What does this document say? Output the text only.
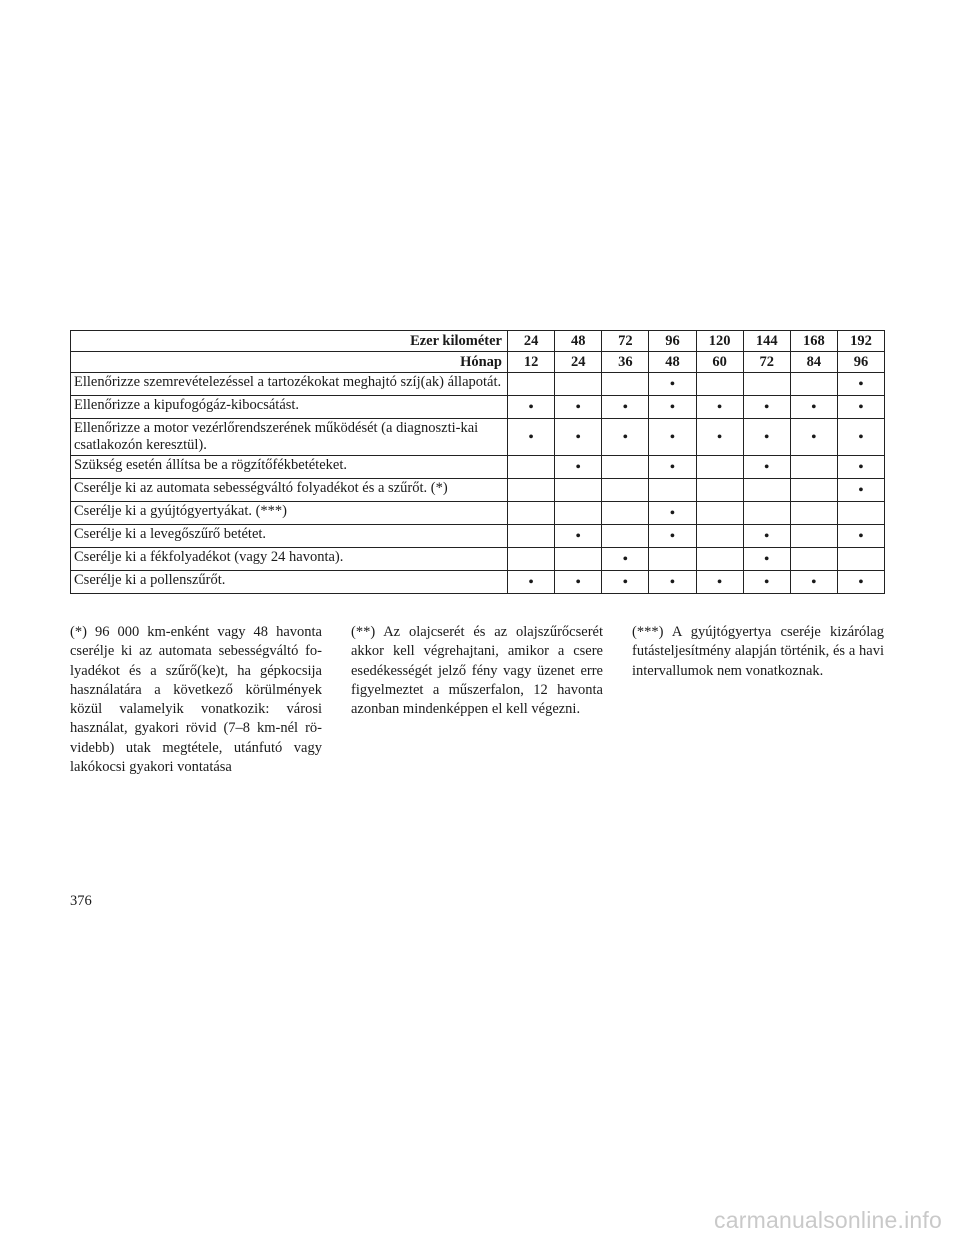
Ezer kilométer	24	48	72	96	120	144	168	192
Hónap	12	24	36	48	60	72	84	96
Ellenőrizze szemrevételezéssel a tartozékokat meghajtó szíj(ak) állapotát.				•				•
Ellenőrizze a kipufogógáz-kibocsátást.	•	•	•	•	•	•	•	•
Ellenőrizze a motor vezérlőrendszerének működését (a diagnoszti-kai csatlakozón keresztül).	•	•	•	•	•	•	•	•
Szükség esetén állítsa be a rögzítőfékbetéteket.		•		•		•		•
Cserélje ki az automata sebességváltó folyadékot és a szűrőt. (*)								•
Cserélje ki a gyújtógyertyákat. (***)				•				
Cserélje ki a levegőszűrő betétet.		•		•		•		•
Cserélje ki a fékfolyadékot (vagy 24 havonta).			•			•		
Cserélje ki a pollenszűrőt.	•	•	•	•	•	•	•	•
(*) 96 000 km-enként vagy 48 havonta cserélje ki az automata sebességváltó folyadékot és a szűrő(ke)t, ha gépkocsija használatára a következő körülmények közül valamelyik vonatkozik: városi használat, gyakori rövid (7–8 km-nél rövidebb) utak megtétele, utánfutó vagy lakókocsi gyakori vontatása
(**) Az olajcserét és az olajszűrőcserét akkor kell végrehajtani, amikor a csere esedékességét jelző fény vagy üzenet erre figyelmeztet a műszerfalon, 12 havonta azonban mindenképpen el kell végezni.
(***) A gyújtógyertya cseréje kizárólag futásteljesítmény alapján történik, és a havi intervallumok nem vonatkoznak.
376
carmanualsonline.info
